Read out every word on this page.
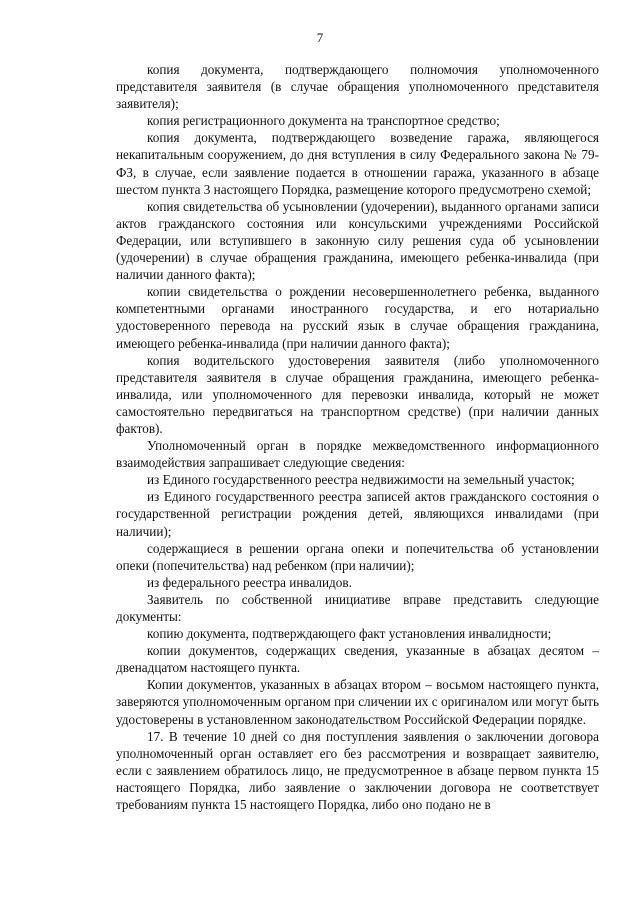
7

копия документа, подтверждающего полномочия уполномоченного представителя заявителя (в случае обращения уполномоченного представителя заявителя);

копия регистрационного документа на транспортное средство;

копия документа, подтверждающего возведение гаража, являющегося некапитальным сооружением, до дня вступления в силу Федерального закона № 79-ФЗ, в случае, если заявление подается в отношении гаража, указанного в абзаце шестом пункта 3 настоящего Порядка, размещение которого предусмотрено схемой;

копия свидетельства об усыновлении (удочерении), выданного органами записи актов гражданского состояния или консульскими учреждениями Российской Федерации, или вступившего в законную силу решения суда об усыновлении (удочерении) в случае обращения гражданина, имеющего ребенка-инвалида (при наличии данного факта);

копии свидетельства о рождении несовершеннолетнего ребенка, выданного компетентными органами иностранного государства, и его нотариально удостоверенного перевода на русский язык в случае обращения гражданина, имеющего ребенка-инвалида (при наличии данного факта);

копия водительского удостоверения заявителя (либо уполномоченного представителя заявителя в случае обращения гражданина, имеющего ребенка-инвалида, или уполномоченного для перевозки инвалида, который не может самостоятельно передвигаться на транспортном средстве) (при наличии данных фактов).

Уполномоченный орган в порядке межведомственного информационного взаимодействия запрашивает следующие сведения:

из Единого государственного реестра недвижимости на земельный участок;

из Единого государственного реестра записей актов гражданского состояния о государственной регистрации рождения детей, являющихся инвалидами (при наличии);

содержащиеся в решении органа опеки и попечительства об установлении опеки (попечительства) над ребенком (при наличии);

из федерального реестра инвалидов.

Заявитель по собственной инициативе вправе представить следующие документы:

копию документа, подтверждающего факт установления инвалидности;

копии документов, содержащих сведения, указанные в абзацах десятом – двенадцатом настоящего пункта.

Копии документов, указанных в абзацах втором – восьмом настоящего пункта, заверяются уполномоченным органом при сличении их с оригиналом или могут быть удостоверены в установленном законодательством Российской Федерации порядке.

17. В течение 10 дней со дня поступления заявления о заключении договора уполномоченный орган оставляет его без рассмотрения и возвращает заявителю, если с заявлением обратилось лицо, не предусмотренное в абзаце первом пункта 15 настоящего Порядка, либо заявление о заключении договора не соответствует требованиям пункта 15 настоящего Порядка, либо оно подано не в
